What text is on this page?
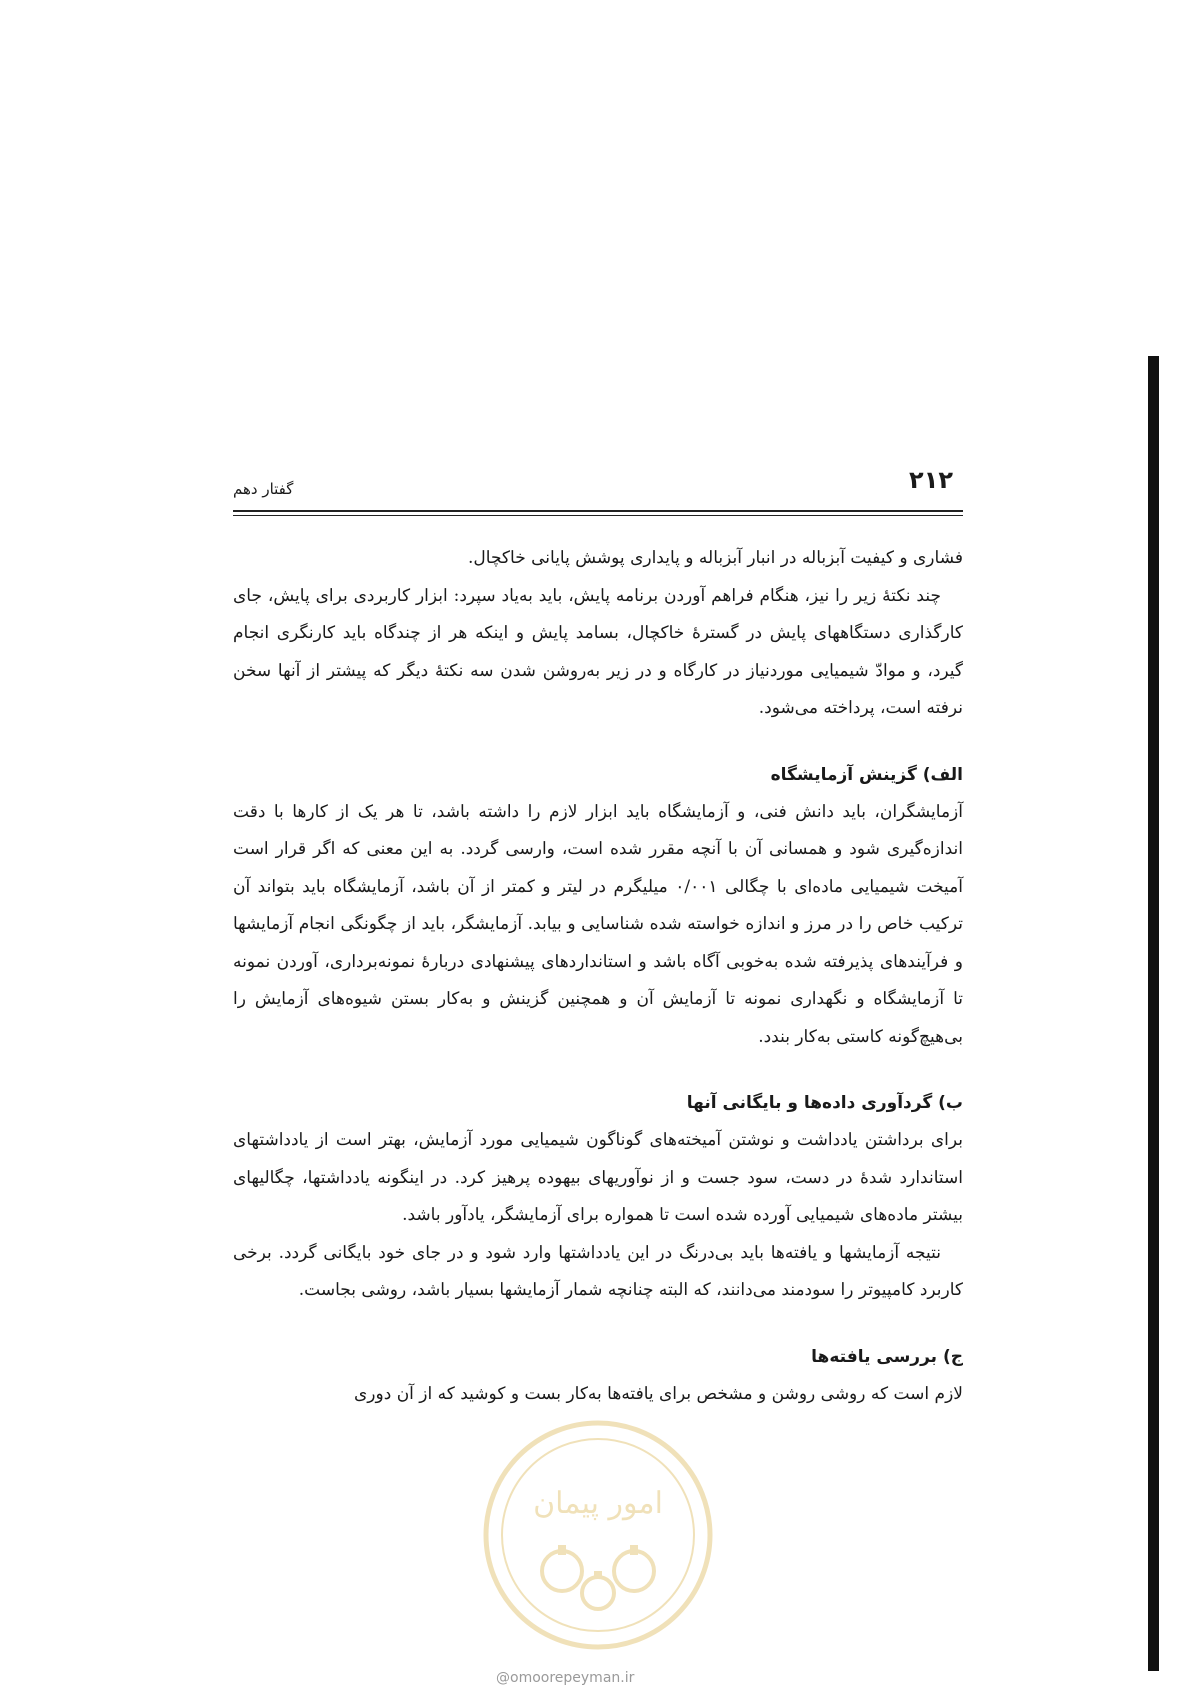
۲۱۲
گفتار دهم

فشاری و کیفیت آبزباله در انبار آبزباله و پایداری پوشش پایانی خاکچال.

چند نکتهٔ زیر را نیز، هنگام فراهم آوردن برنامه پایش، باید به‌یاد سپرد: ابزار کاربردی برای پایش، جای کارگذاری دستگاههای پایش در گسترهٔ خاکچال، بسامد پایش و اینکه هر از چندگاه باید کارنگری انجام گیرد، و موادّ شیمیایی موردنیاز در کارگاه و در زیر به‌روشن شدن سه نکتهٔ دیگر که پیشتر از آنها سخن نرفته است، پرداخته می‌شود.

الف) گزینش آزمایشگاه

آزمایشگران، باید دانش فنی، و آزمایشگاه باید ابزار لازم را داشته باشد، تا هر یک از کارها با دقت اندازه‌گیری شود و همسانی آن با آنچه مقرر شده است، وارسی گردد. به این معنی که اگر قرار است آمیخت شیمیایی ماده‌ای با چگالی ۰/۰۰۱ میلیگرم در لیتر و کمتر از آن باشد، آزمایشگاه باید بتواند آن ترکیب خاص را در مرز و اندازه خواسته شده شناسایی و بیابد. آزمایشگر، باید از چگونگی انجام آزمایشها و فرآیندهای پذیرفته شده به‌خوبی آگاه باشد و استانداردهای پیشنهادی دربارهٔ نمونه‌برداری، آوردن نمونه تا آزمایشگاه و نگهداری نمونه تا آزمایش آن و همچنین گزینش و به‌کار بستن شیوه‌های آزمایش را بی‌هیچ‌گونه کاستی به‌کار بندد.

ب) گردآوری داده‌ها و بایگانی آنها

برای برداشتن یادداشت و نوشتن آمیخته‌های گوناگون شیمیایی مورد آزمایش، بهتر است از یادداشتهای استاندارد شدهٔ در دست، سود جست و از نوآوریهای بیهوده پرهیز کرد. در اینگونه یادداشتها، چگالیهای بیشتر ماده‌های شیمیایی آورده شده است تا همواره برای آزمایشگر، یادآور باشد.

نتیجه آزمایشها و یافته‌ها باید بی‌درنگ در این یادداشتها وارد شود و در جای خود بایگانی گردد. برخی کاربرد کامپیوتر را سودمند می‌دانند، که البته چنانچه شمار آزمایشها بسیار باشد، روشی بجاست.

ج) بررسی یافته‌ها

لازم است که روشی روشن و مشخص برای یافته‌ها به‌کار بست و کوشید که از آن دوری

امور پیمان
@omoorepeyman.ir
